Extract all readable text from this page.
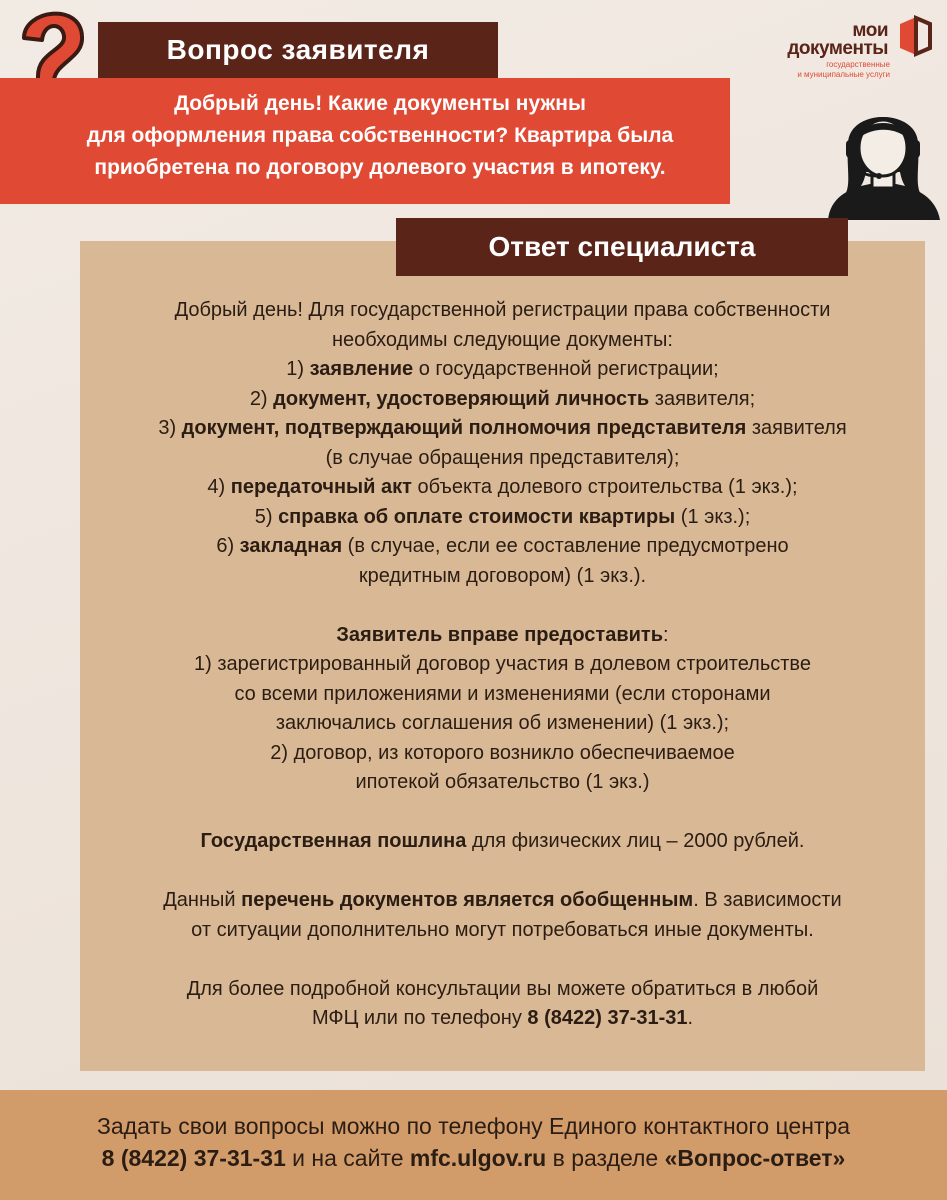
Вопрос заявителя
Добрый день! Какие документы нужны
для оформления права собственности? Квартира была
приобретена по договору долевого участия в ипотеку.
мои
документы
государственные
и муниципальные услуги
Ответ специалиста

Добрый день! Для государственной регистрации права собственности

необходимы следующие документы:

1) заявление о государственной регистрации;

2) документ, удостоверяющий личность заявителя;

3) документ, подтверждающий полномочия представителя заявителя

(в случае обращения представителя);

4) передаточный акт объекта долевого строительства (1 экз.);

5) справка об оплате стоимости квартиры (1 экз.);

6) закладная (в случае, если ее составление предусмотрено

кредитным договором) (1 экз.).

Заявитель вправе предоставить:

1) зарегистрированный договор участия в долевом строительстве

со всеми приложениями и изменениями (если сторонами

заключались соглашения об изменении) (1 экз.);

2) договор, из которого возникло обеспечиваемое

ипотекой обязательство (1 экз.)

Государственная пошлина для физических лиц – 2000 рублей.

Данный перечень документов является обобщенным. В зависимости

от ситуации дополнительно могут потребоваться иные документы.

Для более подробной консультации вы можете обратиться в любой

МФЦ или по телефону 8 (8422) 37-31-31.

Задать свои вопросы можно по телефону Единого контактного центра
8 (8422) 37-31-31 и на сайте mfc.ulgov.ru в разделе «Вопрос-ответ»
